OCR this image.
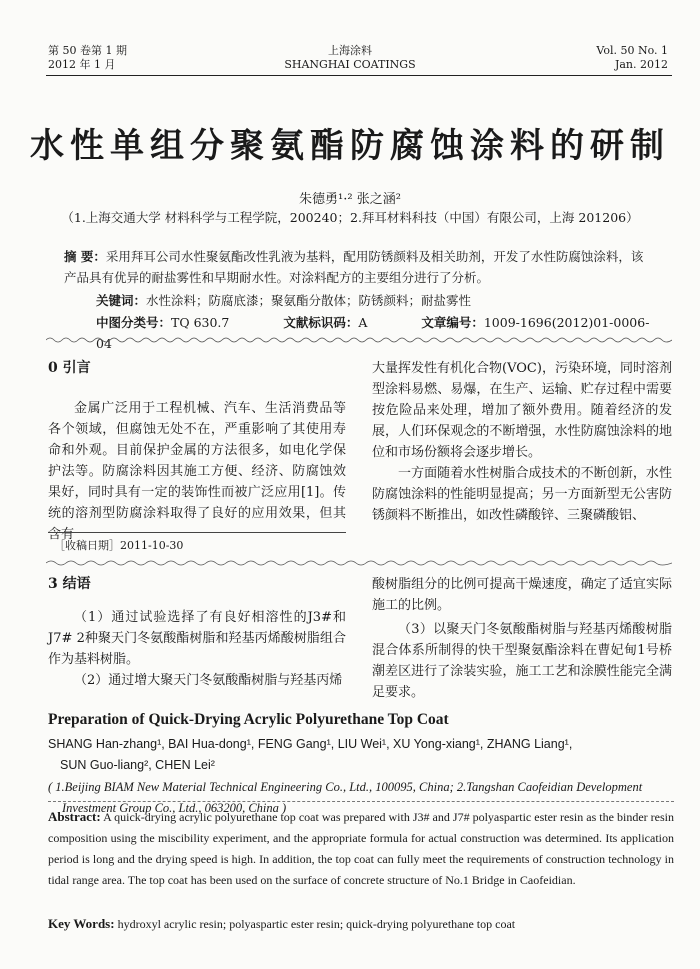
第 50 卷第 1 期
2012 年 1 月
上海涂料
SHANGHAI COATINGS
Vol. 50 No. 1
Jan. 2012
水性单组分聚氨酯防腐蚀涂料的研制
朱德勇¹·² 张之涵²
（1.上海交通大学 材料科学与工程学院，200240；2.拜耳材料科技（中国）有限公司，上海 201206）
摘 要：采用拜耳公司水性聚氨酯改性乳液为基料，配用防锈颜料及相关助剂，开发了水性防腐蚀涂料，该产品具有优异的耐盐雾性和早期耐水性。对涂料配方的主要组分进行了分析。
关键词：水性涂料；防腐底漆；聚氨酯分散体；防锈颜料；耐盐雾性
中图分类号：TQ 630.7	文献标识码：A	文章编号：1009-1696(2012)01-0006-04
0 引言

金属广泛用于工程机械、汽车、生活消费品等各个领域，但腐蚀无处不在，严重影响了其使用寿命和外观。目前保护金属的方法很多，如电化学保护法等。防腐涂料因其施工方便、经济、防腐蚀效果好，同时具有一定的装饰性而被广泛应用[1]。传统的溶剂型防腐涂料取得了良好的应用效果，但其含有

［收稿日期］2011-10-30

大量挥发性有机化合物(VOC)，污染环境，同时溶剂型涂料易燃、易爆，在生产、运输、贮存过程中需要按危险品来处理，增加了额外费用。随着经济的发展，人们环保观念的不断增强，水性防腐蚀涂料的地位和市场份额将会逐步增长。

一方面随着水性树脂合成技术的不断创新，水性防腐蚀涂料的性能明显提高；另一方面新型无公害防锈颜料不断推出，如改性磷酸锌、三聚磷酸铝、

3 结语

（1）通过试验选择了有良好相溶性的J3#和J7# 2种聚天门冬氨酸酯树脂和羟基丙烯酸树脂组合作为基料树脂。

（2）通过增大聚天门冬氨酸酯树脂与羟基丙烯

酸树脂组分的比例可提高干燥速度，确定了适宜实际施工的比例。

（3）以聚天门冬氨酸酯树脂与羟基丙烯酸树脂混合体系所制得的快干型聚氨酯涂料在曹妃甸1号桥潮差区进行了涂装实验，施工工艺和涂膜性能完全满足要求。

Preparation of Quick-Drying Acrylic Polyurethane Top Coat
SHANG Han-zhang¹, BAI Hua-dong¹, FENG Gang¹, LIU Wei¹, XU Yong-xiang¹, ZHANG Liang¹,
SUN Guo-liang², CHEN Lei²
( 1.Beijing BIAM New Material Technical Engineering Co., Ltd., 100095, China; 2.Tangshan Caofeidian Development
Investment Group Co., Ltd., 063200, China )
Abstract: A quick-drying acrylic polyurethane top coat was prepared with J3# and J7# polyaspartic ester resin as the binder resin composition using the miscibility experiment, and the appropriate formula for actual construction was determined. Its application period is long and the drying speed is high. In addition, the top coat can fully meet the requirements of construction technology in tidal range area. The top coat has been used on the surface of concrete structure of No.1 Bridge in Caofeidian.
Key Words: hydroxyl acrylic resin; polyaspartic ester resin; quick-drying polyurethane top coat
